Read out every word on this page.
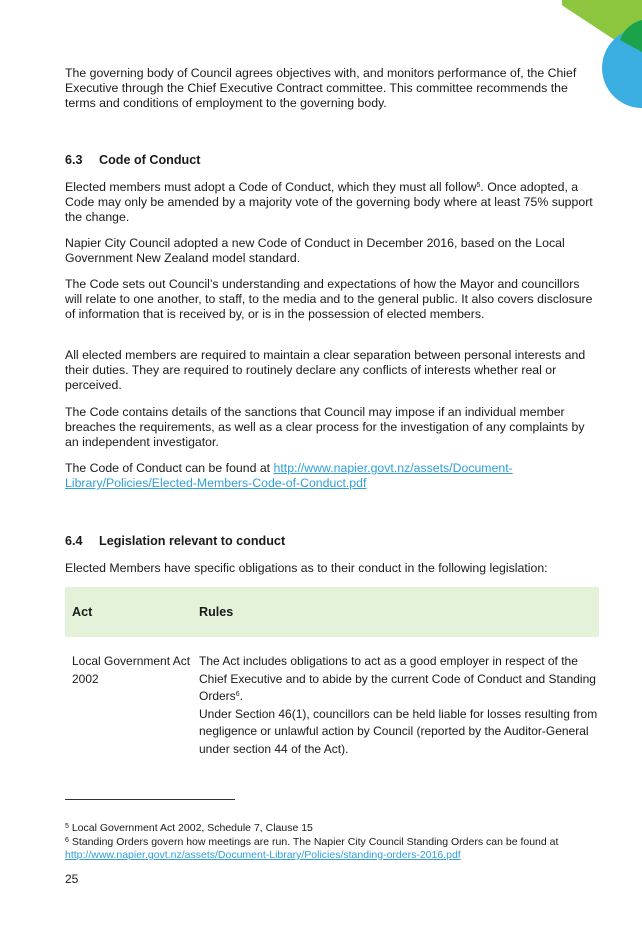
The governing body of Council agrees objectives with, and monitors performance of, the Chief Executive through the Chief Executive Contract committee. This committee recommends the terms and conditions of employment to the governing body.

6.3 Code of Conduct

Elected members must adopt a Code of Conduct, which they must all follow$^5$. Once adopted, a Code may only be amended by a majority vote of the governing body where at least 75% support the change.

Napier City Council adopted a new Code of Conduct in December 2016, based on the Local Government New Zealand model standard.

The Code sets out Council’s understanding and expectations of how the Mayor and councillors will relate to one another, to staff, to the media and to the general public. It also covers disclosure of information that is received by, or is in the possession of elected members.

All elected members are required to maintain a clear separation between personal interests and their duties. They are required to routinely declare any conflicts of interests whether real or perceived.

The Code contains details of the sanctions that Council may impose if an individual member breaches the requirements, as well as a clear process for the investigation of any complaints by an independent investigator.

The Code of Conduct can be found at http://www.napier.govt.nz/assets/Document-Library/Policies/Elected-Members-Code-of-Conduct.pdf

6.4 Legislation relevant to conduct

Elected Members have specific obligations as to their conduct in the following legislation:

Act	Rules
Local Government Act 2002
The Act includes obligations to act as a good employer in respect of the Chief Executive and to abide by the current Code of Conduct and Standing Orders$^6$.
Under Section 46(1), councillors can be held liable for losses resulting from negligence or unlawful action by Council (reported by the Auditor-General under section 44 of the Act).
$^5$ Local Government Act 2002, Schedule 7, Clause 15
$^6$ Standing Orders govern how meetings are run. The Napier City Council Standing Orders can be found at http://www.napier.govt.nz/assets/Document-Library/Policies/standing-orders-2016.pdf
25
